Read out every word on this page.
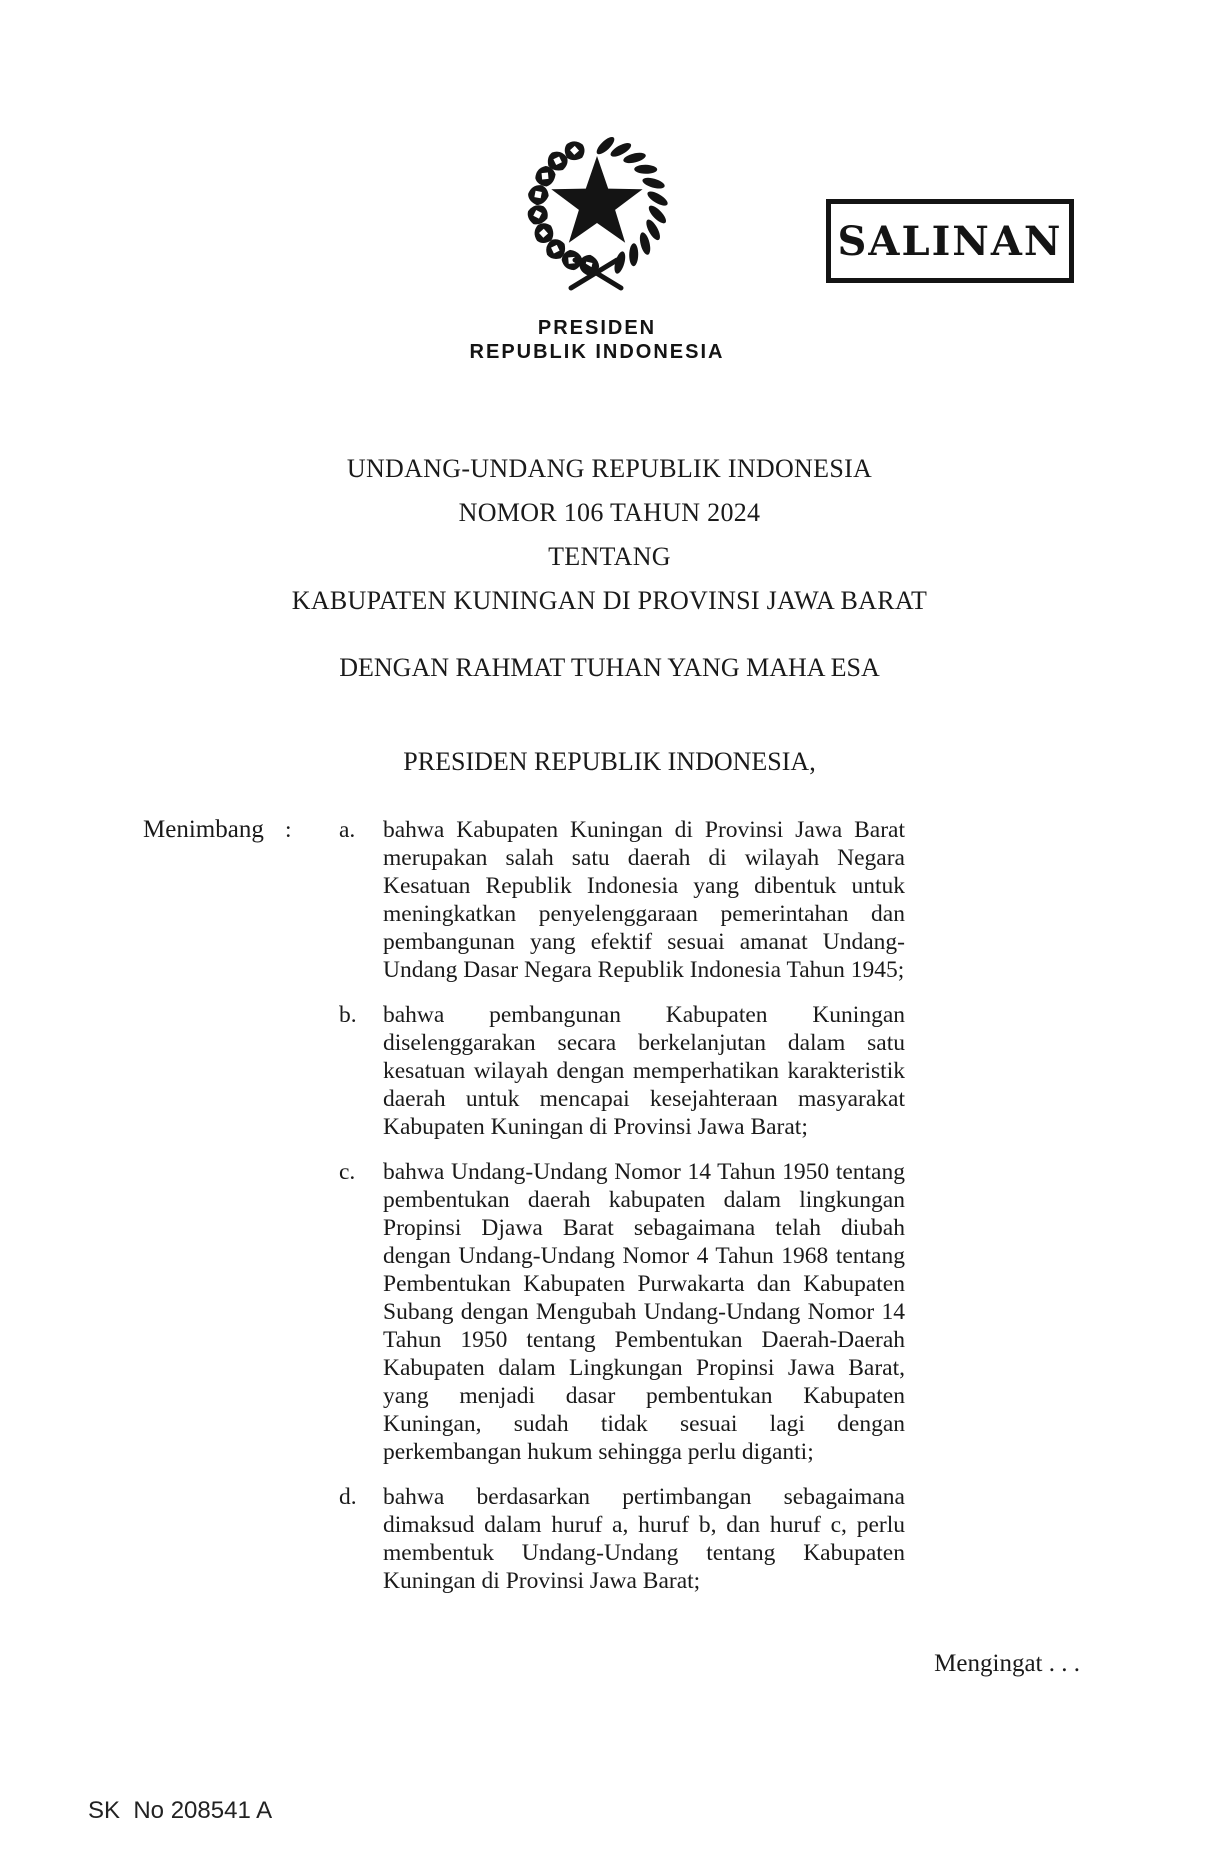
SALINAN
PRESIDEN
REPUBLIK INDONESIA
UNDANG-UNDANG REPUBLIK INDONESIA
NOMOR 106 TAHUN 2024
TENTANG
KABUPATEN KUNINGAN DI PROVINSI JAWA BARAT
DENGAN RAHMAT TUHAN YANG MAHA ESA
PRESIDEN REPUBLIK INDONESIA,
Menimbang :	a.	bahwa Kabupaten Kuningan di Provinsi Jawa Barat merupakan salah satu daerah di wilayah Negara Kesatuan Republik Indonesia yang dibentuk untuk meningkatkan penyelenggaraan pemerintahan dan pembangunan yang efektif sesuai amanat Undang-Undang Dasar Negara Republik Indonesia Tahun 1945;
b.	bahwa pembangunan Kabupaten Kuningan diselenggarakan secara berkelanjutan dalam satu kesatuan wilayah dengan memperhatikan karakteristik daerah untuk mencapai kesejahteraan masyarakat Kabupaten Kuningan di Provinsi Jawa Barat;
c.	bahwa Undang-Undang Nomor 14 Tahun 1950 tentang pembentukan daerah kabupaten dalam lingkungan Propinsi Djawa Barat sebagaimana telah diubah dengan Undang-Undang Nomor 4 Tahun 1968 tentang Pembentukan Kabupaten Purwakarta dan Kabupaten Subang dengan Mengubah Undang-Undang Nomor 14 Tahun 1950 tentang Pembentukan Daerah-Daerah Kabupaten dalam Lingkungan Propinsi Jawa Barat, yang menjadi dasar pembentukan Kabupaten Kuningan, sudah tidak sesuai lagi dengan perkembangan hukum sehingga perlu diganti;
d.	bahwa berdasarkan pertimbangan sebagaimana dimaksud dalam huruf a, huruf b, dan huruf c, perlu membentuk Undang-Undang tentang Kabupaten Kuningan di Provinsi Jawa Barat;
Mengingat . . .
SK  No 208541 A
